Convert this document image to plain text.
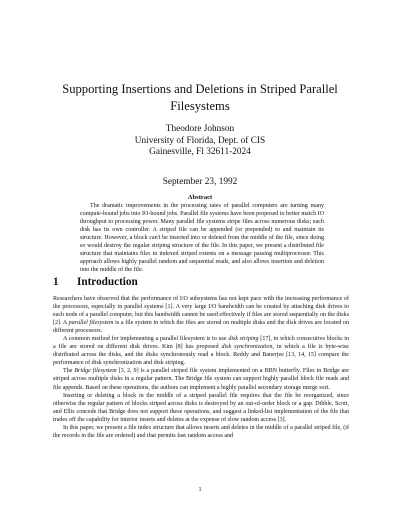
Supporting Insertions and Deletions in Striped Parallel Filesystems
Theodore Johnson
University of Florida, Dept. of CIS
Gainesville, Fl 32611-2024
September 23, 1992
Abstract
The dramatic improvements in the processing rates of parallel computers are turning many compute-bound jobs into IO-bound jobs. Parallel file systems have been proposed to better match IO throughput to processing power. Many parallel file systems stripe files across numerous disks; each disk has its own controller. A striped file can be appended (or prepended) to and maintain its structure. However, a block can't be inserted into or deleted from the middle of the file, since doing so would destroy the regular striping structure of the file. In this paper, we present a distributed file structure that maintains files in indexed striped extents on a message passing multiprocessor. This approach allows highly parallel random and sequential reads, and also allows insertion and deletion into the middle of the file.
1 Introduction

Researchers have observed that the performance of I/O subsystems has not kept pace with the increasing performance of the processors, especially in parallel systems [1]. A very large I/O bandwidth can be created by attaching disk drives to each node of a parallel computer, but this bandwidth cannot be used effectively if files are stored sequentially on the disks [2]. A parallel filesystem is a file system in which the files are stored on multiple disks and the disk drives are located on different processors.

A common method for implementing a parallel filesystem is to use disk striping [17], in which consecutive blocks in a file are stored on different disk drives. Kim [8] has proposed disk synchronization, in which a file is byte-wise distributed across the disks, and the disks synchronously read a block. Reddy and Banerjee [13, 14, 15] compare the performance of disk synchronization and disk striping.

The Bridge filesystem [3, 2, 9] is a parallel striped file system implemented on a BBN butterfly. Files in Bridge are striped across multiple disks in a regular pattern. The Bridge file system can support highly parallel block file reads and file appends. Based on these operations, the authors can implement a highly parallel secondary storage merge sort.

Inserting or deleting a block in the middle of a striped parallel file requires that the file be reorganized, since otherwise the regular pattern of blocks striped across disks is destroyed by an out-of-order block or a gap. Dibble, Scott, and Ellis concede that Bridge does not support these operations, and suggest a linked-list implementation of the file that trades off the capability for interior inserts and deletes at the expense of slow random access [3].

In this paper, we present a file index structure that allows inserts and deletes in the middle of a parallel striped file, (if the records in the file are ordered) and that permits fast random access and

1
